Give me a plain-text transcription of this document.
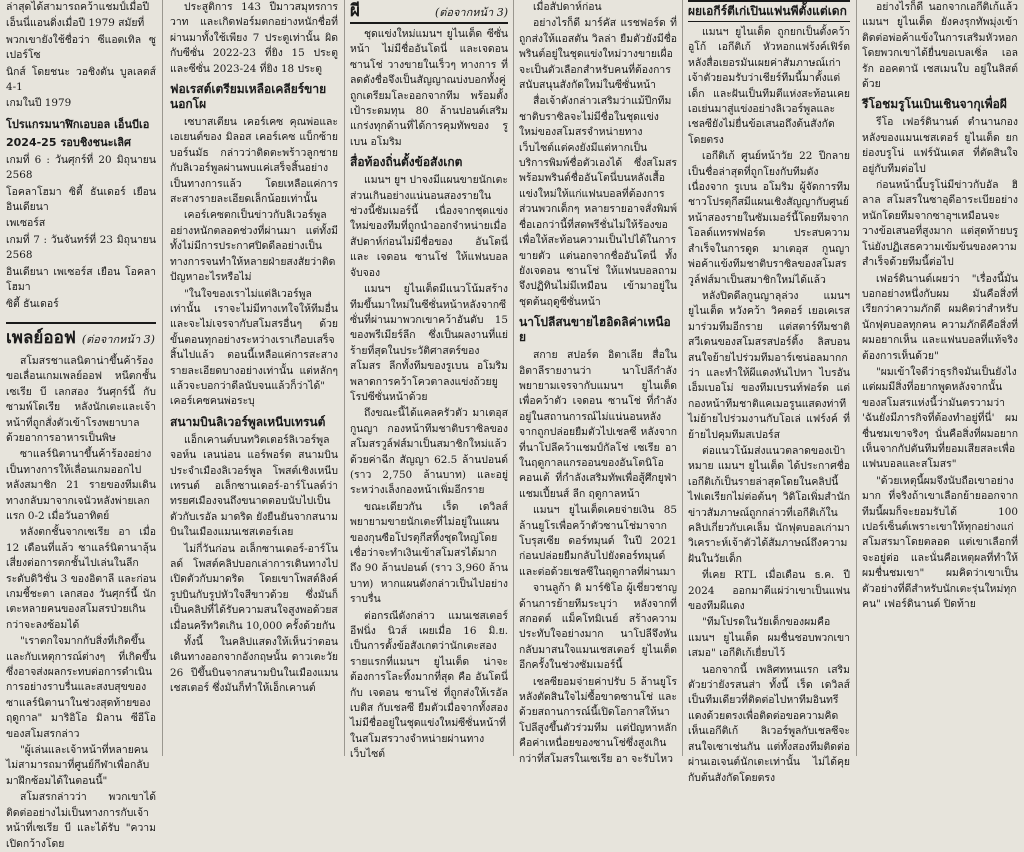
ล่าสุดได้สามารถคว้าแชมป์เมื่อปี

เอ็นนี่แอนดิ่งเมื่อปี 1979 สมัยที่

พวกเขายังใช้ชื่อว่า ซีแอตเทิล ซูเปอร์โซ

นิกส์ โดยชนะ วอชิงตัน บูลเลตส์ 4-1

เกมในปี 1979

โปรแกรมนาฬิกเอบอล เอ็นบีเอ
2024-25 รอบชิงชนะเลิศ

เกมที่ 6 : วันศุกร์ที่ 20 มิถุนายน 2568

โอคลาโฮมา ซิตี้ ธันเดอร์ เยือน อินเดียนา

เพเซอร์ส

เกมที่ 7 : วันจันทร์ที่ 23 มิถุนายน 2568

อินเดียนา เพเซอร์ส เยือน โอคลาโฮมา

ซิตี้ ธันเดอร์

เพลย์ออฟ (ต่อจากหน้า 3)

สโมสรชาแลนิตาน่าขึ้นค้าร้อง ขอเลื่อนเกมเพลย์ออฟ หนีตกชั้น เซเรีย บี เลกสอง วันศุกร์นี้ กับซามพ์โดเรีย หลังนักเตะและเจ้าหน้าที่ถูกสั่งตัวเข้าโรงพยาบาลด้วยอาการอาหารเป็นพิษ

ซาแลร์นิตานาขึ้นค้าร้องอย่างเป็นทางการให้เลื่อนเกมออกไป หลังสมาชิก 21 รายของทีมเดินทางกลับมาจากเจนัวหลังพ่ายเลกแรก 0-2 เมื่อวันอาทิตย์

หลังตกชั้นจากเซเรีย อา เมื่อ 12 เดือนที่แล้ว ซาแลร์นิตานาลุ้นเสี่ยงต่อการตกชั้นไปเล่นในลีกระดับดิวิชั่น 3 ของอิตาลี และก่อนเกมชี้ชะตา เลกสอง วันศุกร์นี้ นักเตะหลายคนของสโมสรป่วยเกินกว่าจะลงซ้อมได้

"เราตกใจมากกับสิ่งที่เกิดขึ้นและกับเหตุการณ์ต่างๆ ที่เกิดขึ้นซึ่งอาจส่งผลกระทบต่อการดำเนินการอย่างราบรื่นและสงบสุขของซาแลร์นิตานาในช่วงสุดท้ายของฤดูกาล" มาริอิโอ มิลาน ซีอีโอของสโมสรกล่าว

"ผู้เล่นและเจ้าหน้าที่หลายคนไม่สามารถมาที่ศูนย์กีฬาเพื่อกลับมาฝึกซ้อมได้ในตอนนี้"

สโมสรกล่าวว่า พวกเขาได้ติดต่ออย่างไม่เป็นทางการกับเจ้าหน้าที่เซเรีย บี และได้รับ "ความเปิดกว้างโดย

ประสูติการ 143 ปีมาวสมุทรการวาท และเกิดฟอร์มตกอย่างหนักชื่อที่ผ่านมาทั้งใช้เพียง 7 ประตูเท่านั้น ผิดกับซีซั่น 2022-23 ที่ยิง 15 ประตู และซีซั่น 2023-24 ที่ยิง 18 ประตู

ฟอเรสต์เตรียมเหลือเคลียร์ขายนอกโผ

เซบาสเตียน เคอร์เคซ คุณพ่อและเอเยนต์ของ มิลอส เคอร์เคซ แบ็กซ้ายบอร์นมัธ กล่าวว่าติดตะพร้าวลูกชายกับลิเวอร์พูลผ่านพบแค่เสร็จสิ้นอย่างเป็นทางการแล้ว โดยเหลือแค่การสะสางรายละเอียดเล็กน้อยเท่านั้น

เคอร์เคซตกเป็นข่าวกับลิเวอร์พูลอย่างหนักตลอดช่วงที่ผ่านมา แต่ทั้งมีทั้งไม่มีการประกาศปิดดีลอย่างเป็นทางการจนทำให้หลายฝ่ายสงสัยว่าติดปัญหาอะไรหรือไม่

"ในใจของเราไม่แต่ลิเวอร์พูลเท่านั้น เราจะไม่มีทางเทใจให้ทีมอื่น และจะไม่เจรจากับสโมสรอื่นๆ ด้วย ขั้นตอนทุกอย่างระหว่างเราเกือบเสร็จสิ้นไปแล้ว ตอนนี้เหลือแค่การสะสางรายละเอียดบางอย่างเท่านั้น แต่หลักๆ แล้วจะบอกว่าดีลนับจนแล้วก็ว่าได้" เคอร์เคซคนพ่อระบุ

สนามบินลิเวอร์พูลเหนีบเทรนต์

แอ็กเคานต์บนทวิตเตอร์ลิเวอร์พูล จอห์น เลนน่อน แอร์พอร์ต สนามบินประจำเมืองลิเวอร์พูล โพสต์เชิงเหนีบ เทรนต์ อเล็กซานเดอร์-อาร์โนลด์ว่าทรยศเมืองจนถึงขนาดตอบนับไปเป็นตัวกับเรอัล มาดริด ยังยืนยันจากสนามบินในเมืองแมนเชสเตอร์เลย

ไม่กี่วันก่อน อเล็กซานเดอร์-อาร์โนลด์ โพสต์คลิปบอกเล่าการเดินทางไปเปิดตัวกับมาดริด โดยเขาโพสต์ลิงค์รูปบินกับรูปหัวใจสีขาวด้วย ซึ่งมันก็เป็นคลิปที่ได้รับความสนใจสูงพอด้วยสเมื่อนครีทวิตเกิน 10,000 ครั้งด้วยกัน

ทั้งนี้ ในคลิปแสดงให้เห็นว่าตอนเดินทางออกจากอังกฤษนั้น ดาวเตะวัย 26 ปีขึ้นบินจากสนามบินในเมืองแมนเชสเตอร์ ซึ่งมันก็ทำให้เอ็กเคานต์

ผี	(ต่อจากหน้า 3)

ชุดแข่งใหม่แมนฯ ยูไนเต็ด ซีซั่นหน้า ไม่มีชื่ออันโดนี่ และเจดอน ซานโช่ วางขายในเร็วๆ ทางการ ที่ลดดังชื่อจึงเป็นสัญญาณบ่งบอกทั้งคู่ถูกเตรียมโละออกจากทีม พร้อมตั้งเป้าระดมทุน 80 ล้านปอนด์เสริมแกร่งทุกด้านที่ได้การคุมทัพของ รูเบน อโมริม

สื่อท้องถิ่นตั้งข้อสังเกต

แมนฯ ยูฯ ปาจงมีแผนขายนักเตะส่วนเกินอย่างแน่นอนสองรายในช่วงนี้ซัมเมอร์นี้ เนื่องจากชุดแข่งใหม่ของทีมที่ถูกนำออกจำหน่ายเมื่อสัปดาห์ก่อนไม่มีชื่อของ อันโตนี่ และ เจดอน ซานโช่ ให้แฟนบอลจับจอง

แมนฯ ยูไนเต็ดมีแนวโน้มสร้างทีมขึ้นมาใหม่ในซีซั่นหน้าหลังจากซีซั่นที่ผ่านมาพวกเขาคว้าอันดับ 15 ของพรีเมียร์ลีก ซึ่งเป็นผลงานที่แย่ร้ายที่สุดในประวัติศาสตร์ของสโมสร ลีกทั้งทีมของรูเบน อโมริม พลาดการคว้าโควตาลงแข่งถ้วยยูโรปซีซั่นหน้าด้วย

ถึงขณะนี้ได้แคลครัวตัว มาเตอุส กูนญา กองหน้าทีมชาติบราซิลของสโมสรวูล์ฟส์มาเป็นสมาชิกใหม่แล้วด้วยค่าฉีก สัญญา 62.5 ล้านปอนด์ (ราว 2,750 ล้านบาท) และอยู่ระหว่างเล็งกองหน้าเพิ่มอีกราย

ขณะเดียวกัน เร็ด เดวิลส์ พยายามขายนักเตะที่ไม่อยู่ในแผนของกุนซือโปรตุกีสทิ้งชุดใหญ่โดยเชื่อว่าจะทำเงินเข้าสโมสรได้มากถึง 90 ล้านปอนด์ (ราว 3,960 ล้านบาท) หากแผนดังกล่าวเป็นไปอย่างราบรื่น

ต่อกรณีดังกล่าว แมนเชสเตอร์ อีฟนิ่ง นิวส์ เผยเมื่อ 16 มิ.ย. เป็นการตั้งข้อสังเกตว่านักเตะสองรายแรกที่แมนฯ ยูไนเต็ด น่าจะต้องการโละทิ้งมากที่สุด คือ อันโตนี่กับ เจดอน ซานโช่ ที่ถูกส่งให้เรอัล เบติส กับเชลซี ยืมตัวเมื่อจากทั้งสองไม่มีชื่ออยู่ในชุดแข่งใหม่ซีซั่นหน้าที่ในสโมสรวางจำหน่ายผ่านทางเว็บไซต์

เมื่อสัปดาห์ก่อน

อย่างไรก็ดี มาร์คัส แรชฟอร์ด ที่ถูกส่งให้แอสตัน วิลล่า ยืมตัวยังมีชื่อพรินต์อยู่ในชุดแข่งใหม่วางขายเผื่อจะเป็นตัวเลือกสำหรับคนที่ต้องการสนับสนุนสังกัดใหม่ในซีซั่นหน้า

สื่อเจ้าดังกล่าวเสริมว่าแม้ปีกทีมชาติบราซิลจะไม่มีชื่อในชุดแข่งใหม่ของสโมสรจำหน่ายทางเว็บไซต์แต่คงยังมีแต่หากเป็นบริการพิมพ์ชื่อตัวเองได้ ซึ่งสโมสรพร้อมพรินต์ชื่ออันโตนี่บนหลังเสื้อแข่งใหม่ให้แก่แฟนบอลที่ต้องการ ส่วนพวกเด็กๆ หลายรายอาจสั่งพิมพ์ชื่อเอกว่านี้ที่สดพรีชั่นไม่ให้ร้องขอเพื่อให้สะท้อนความเป็นไปได้ในการขายตัว แต่นอกจากชื่ออันโตนี่ ทั้งยังเจดอน ซานโช่ ให้แฟนบอลถาม จึงปฏิทินไม่มีเหมือน เข้ามาอยู่ในชุดต้นฤดูซีซั่นหน้า

นาโปลีสนขายไฮอิดลิค่าเหนือย

สกาย สปอร์ต อิตาเลีย สื่อในอิตาลีรายงานว่า นาโปลีกำลังพยายามเจรจากับแมนฯ ยูไนเต็ด เพื่อคว้าตัว เจดอน ซานโช่ ที่กำลังอยู่ในสถานการณ์ไม่แน่นอนหลังจากถูกปล่อยยืมตัวไปเชลซี หลังจากที่นาโปลีคว้าแชมป์กัลโช่ เซเรีย อา ในฤดูกาลแกรออนของอันโตนิโอ คอนเต้ ที่กำลังเสริมทัพเพื่อสู้ศึกยูฟ่า แชมเปี้ยนส์ ลีก ฤดูกาลหน้า

แมนฯ ยูไนเต็ดเคยจ่ายเงิน 85 ล้านยูโรเพื่อคว้าตัวซานโช่มาจากโบรุสเซีย ดอร์ทมุนด์ ในปี 2021 ก่อนปล่อยยืมกลับไปยังดอร์ทมุนด์ และต่อด้วยเชลซีในฤดูกาลที่ผ่านมา

จานลูก้า ดิ มาร์ซิโอ ผู้เชี่ยวชาญด้านการย้ายทีมระบุว่า หลังจากที่ สกอตต์ แม็คโทมิเนย์ สร้างความประทับใจอย่างมาก นาโปลีจึงหันกลับมาสนใจแมนเชสเตอร์ ยูไนเต็ด อีกครั้งในช่วงซัมเมอร์นี้

เชลซียอมจ่ายค่าปรับ 5 ล้านยูโรหลังตัดสินใจไม่ซื้อขาดซานโช่ และด้วยสถานการณ์นี้เปิดโอกาสให้นาโปลีสูงขึ้นตัวร่วมทีม แต่ปัญหาหลักคือค่าเหนื่อยของซานโช่ซึ่งสูงเกินกว่าที่สโมสรในเซเรีย อา จะรับไหว

ผยเอกีร์ตีเก่เปินแฟนพีตั้งแต่เดก

แมนฯ ยูไนเต็ด ถูกยกเป็นตั้งคว้า อูโก้ เอกีติเก้ หัวหอกแฟร้งค์เฟิร์ตหลังสื่อเยอรมันเผยค่าสัมภาษณ์เก่า เจ้าตัวยอมรับว่าเชียร์ทีมนี้มาตั้งแต่เด็ก และฝันเป็นทีมตีแห่งสะท้อนเคยเอเย่นมาสู่แข่งอย่างลิเวอร์พูลและเชลซียังไม่ยื่นข้อเสนอถึงต้นสังกัดโดยตรง

เอกีติเก้ ศูนย์หน้าวัย 22 ปีกลายเป็นชื่อล่าสุดที่ถูกโยงกับทีมดัง เนื่องจาก รูเบน อโมริม ผู้จัดการทีมชาวโปรตุกีสมีแผนเชิงสัญญากับศูนย์หน้าสองรายในซัมเมอร์นี้โดยทีมจากโอลด์แทรฟฟอร์ด ประสบความสำเร็จในการดูด มาเตอุส กูนญา พ่อค้าแข้งทีมชาติบราซิลของสโมสรวูล์ฟส์มาเป็นสมาชิกใหม่ได้แล้ว

หลังปิดดีลกูนญาลุล่วง แมนฯ ยูไนเต็ด หวังคว้า วิคตอร์ เยอเคเรส มาร่วมทีมอีกราย แต่สตาร์ทีมชาติสวีเดนของสโมสรสปอร์ติ้ง ลิสบอน สนใจย้ายไปร่วมทีมอาร์เซน่อลมากกว่า และทำให้ผีแดงหันไปหา ไบรอัน เอ็มเบอโม่ ของทีมเบรนท์ฟอร์ด แต่กองหน้าทีมชาติแคเมอรูนแสดงท่าทีไม่ย้ายไปร่วมงานกับโอเล่ แฟร์งค์ ที่ย้ายไปคุมทีมสเปอร์ส

ต่อแนวโน้มส่งแนวตลาดของเป้าหมาย แมนฯ ยูไนเต็ด ได้ประกาศชื่อเอกีติเก้เป็นรายล่าสุดโดยในคลิปนี้ไฟเดเรียกไม่ต่อต้นๆ วิดิโอเพิ่มสำนักข่าวสัมภาษณ์ถูกกล่าวที่เอกีติเก้ในคลิปเกี่ยวกับเคเล็ม นักฟุตบอลเก่ามาวิเคราะห์เจ้าตัวได้สัมภาษณ์ถึงความฝันในวัยเด็ก

ที่เคย RTL เมื่อเดือน ธ.ค. ปี 2024 ออกมาตีแผ่ว่าเขาเป็นแฟนของทีมผีแดง

"ทีมโปรดในวัยเด็กของผมคือ แมนฯ ยูไนเต็ด ผมชื่นชอบพวกเขาเสมอ" เอกีติเก้เยื่ยบไว้

นอกจากนี้ เพลิศทหนแรก เสริมตัวยว่ายังรสนส่า ทั้งนี้ เร็ด เดวิลส์ เป็นทีมเดียวที่ติดต่อไปหาทีมอินทรีแดงด้วยตรงเพื่อติดต่อขอความคิดเห็นเอกีติเก้ ลิเวอร์พูลกับเชลซีจะสนใจเซาเช่นกัน แต่ทั้งสองทีมติดต่อผ่านเอเจนต์นักเตะเท่านั้น ไม่ได้คุยกับต้นสังกัดโดยตรง

อย่างไรก็ดี นอกจากเอกีติเก้แล้ว แมนฯ ยูไนเต็ด ยังคงรุกทัพมุ่งเข้าติดต่อพ่อค้าแข้งในการเสริมหัวหอกโดยพวกเขาได้ยื่นขอเบลเซิ่ล เอล รัก ออคตานั เชสเมนใบ อยู่ในลิสต์ด้วย

รีโอชมรูโนเบินเชินจากุเพื่อผี

รีโอ เฟอร์ดินานด์ ตำนานกองหลังของแมนเชสเตอร์ ยูไนเต็ด ยกย่องบรูโน่ แฟร์นันเดส ที่ตัดสินใจอยู่กับทีมต่อไป

ก่อนหน้านี้บรูโน่มีข่าวกับอัล ฮิลาล สโมสรในซาอุดีอาระเบียอย่างหนักโดยทีมจากซาอุฯเหมือนจะวางข้อเสนอที่สูงมาก แต่สุดท้ายบรูโน่ยังปฏิเสธความเข้มข้นของความสำเร็จด้วยทีมนี้ต่อไป

เฟอร์ดินานด์เผยว่า "เรื่องนี้มันบอกอย่างหนึ่งกับผม มันคือสิ่งที่เรียกว่าความภักดี ผมคิดว่าสำหรับนักฟุตบอลทุกคน ความภักดีคือสิ่งที่ผมอยากเห็น และแฟนบอลที่แท้จริงต้องการเห็นด้วย"

"ผมเข้าใจดีว่าธุรกิจมันเป็นยังไง แต่ผมมีสิ่งที่อยากพูดหลังจากนั้นของสโมสรแห่งนี้ว่ามันตรวามว่า 'ฉันยังมีภารกิจที่ต้องทำอยู่ที่นี่' ผมชื่นชมเขาจริงๆ นั่นคือสิ่งที่ผมอยากเห็นจากกัปตันทีมที่ยอมเสียสละเพื่อแฟนบอลและสโมสร"

"ด้วยเหตุนี้ผมจึงนับถือเขาอย่างมาก ที่จริงถ้าเขาเลือกย้ายออกจากทีมนี้ผมก็จะยอมรับได้ 100 เปอร์เซ็นต์เพราะเขาให้ทุกอย่างแก่สโมสรมาโดยตลอด แต่เขาเลือกที่จะอยู่ต่อ และนั่นคือเหตุผลที่ทำให้ผมชื่นชมเขา" ผมคิดว่าเขาเป็นตัวอย่างที่ดีสำหรับนักเตะรุ่นใหม่ทุกคน" เฟอร์ดินานด์ ปิดท้าย
